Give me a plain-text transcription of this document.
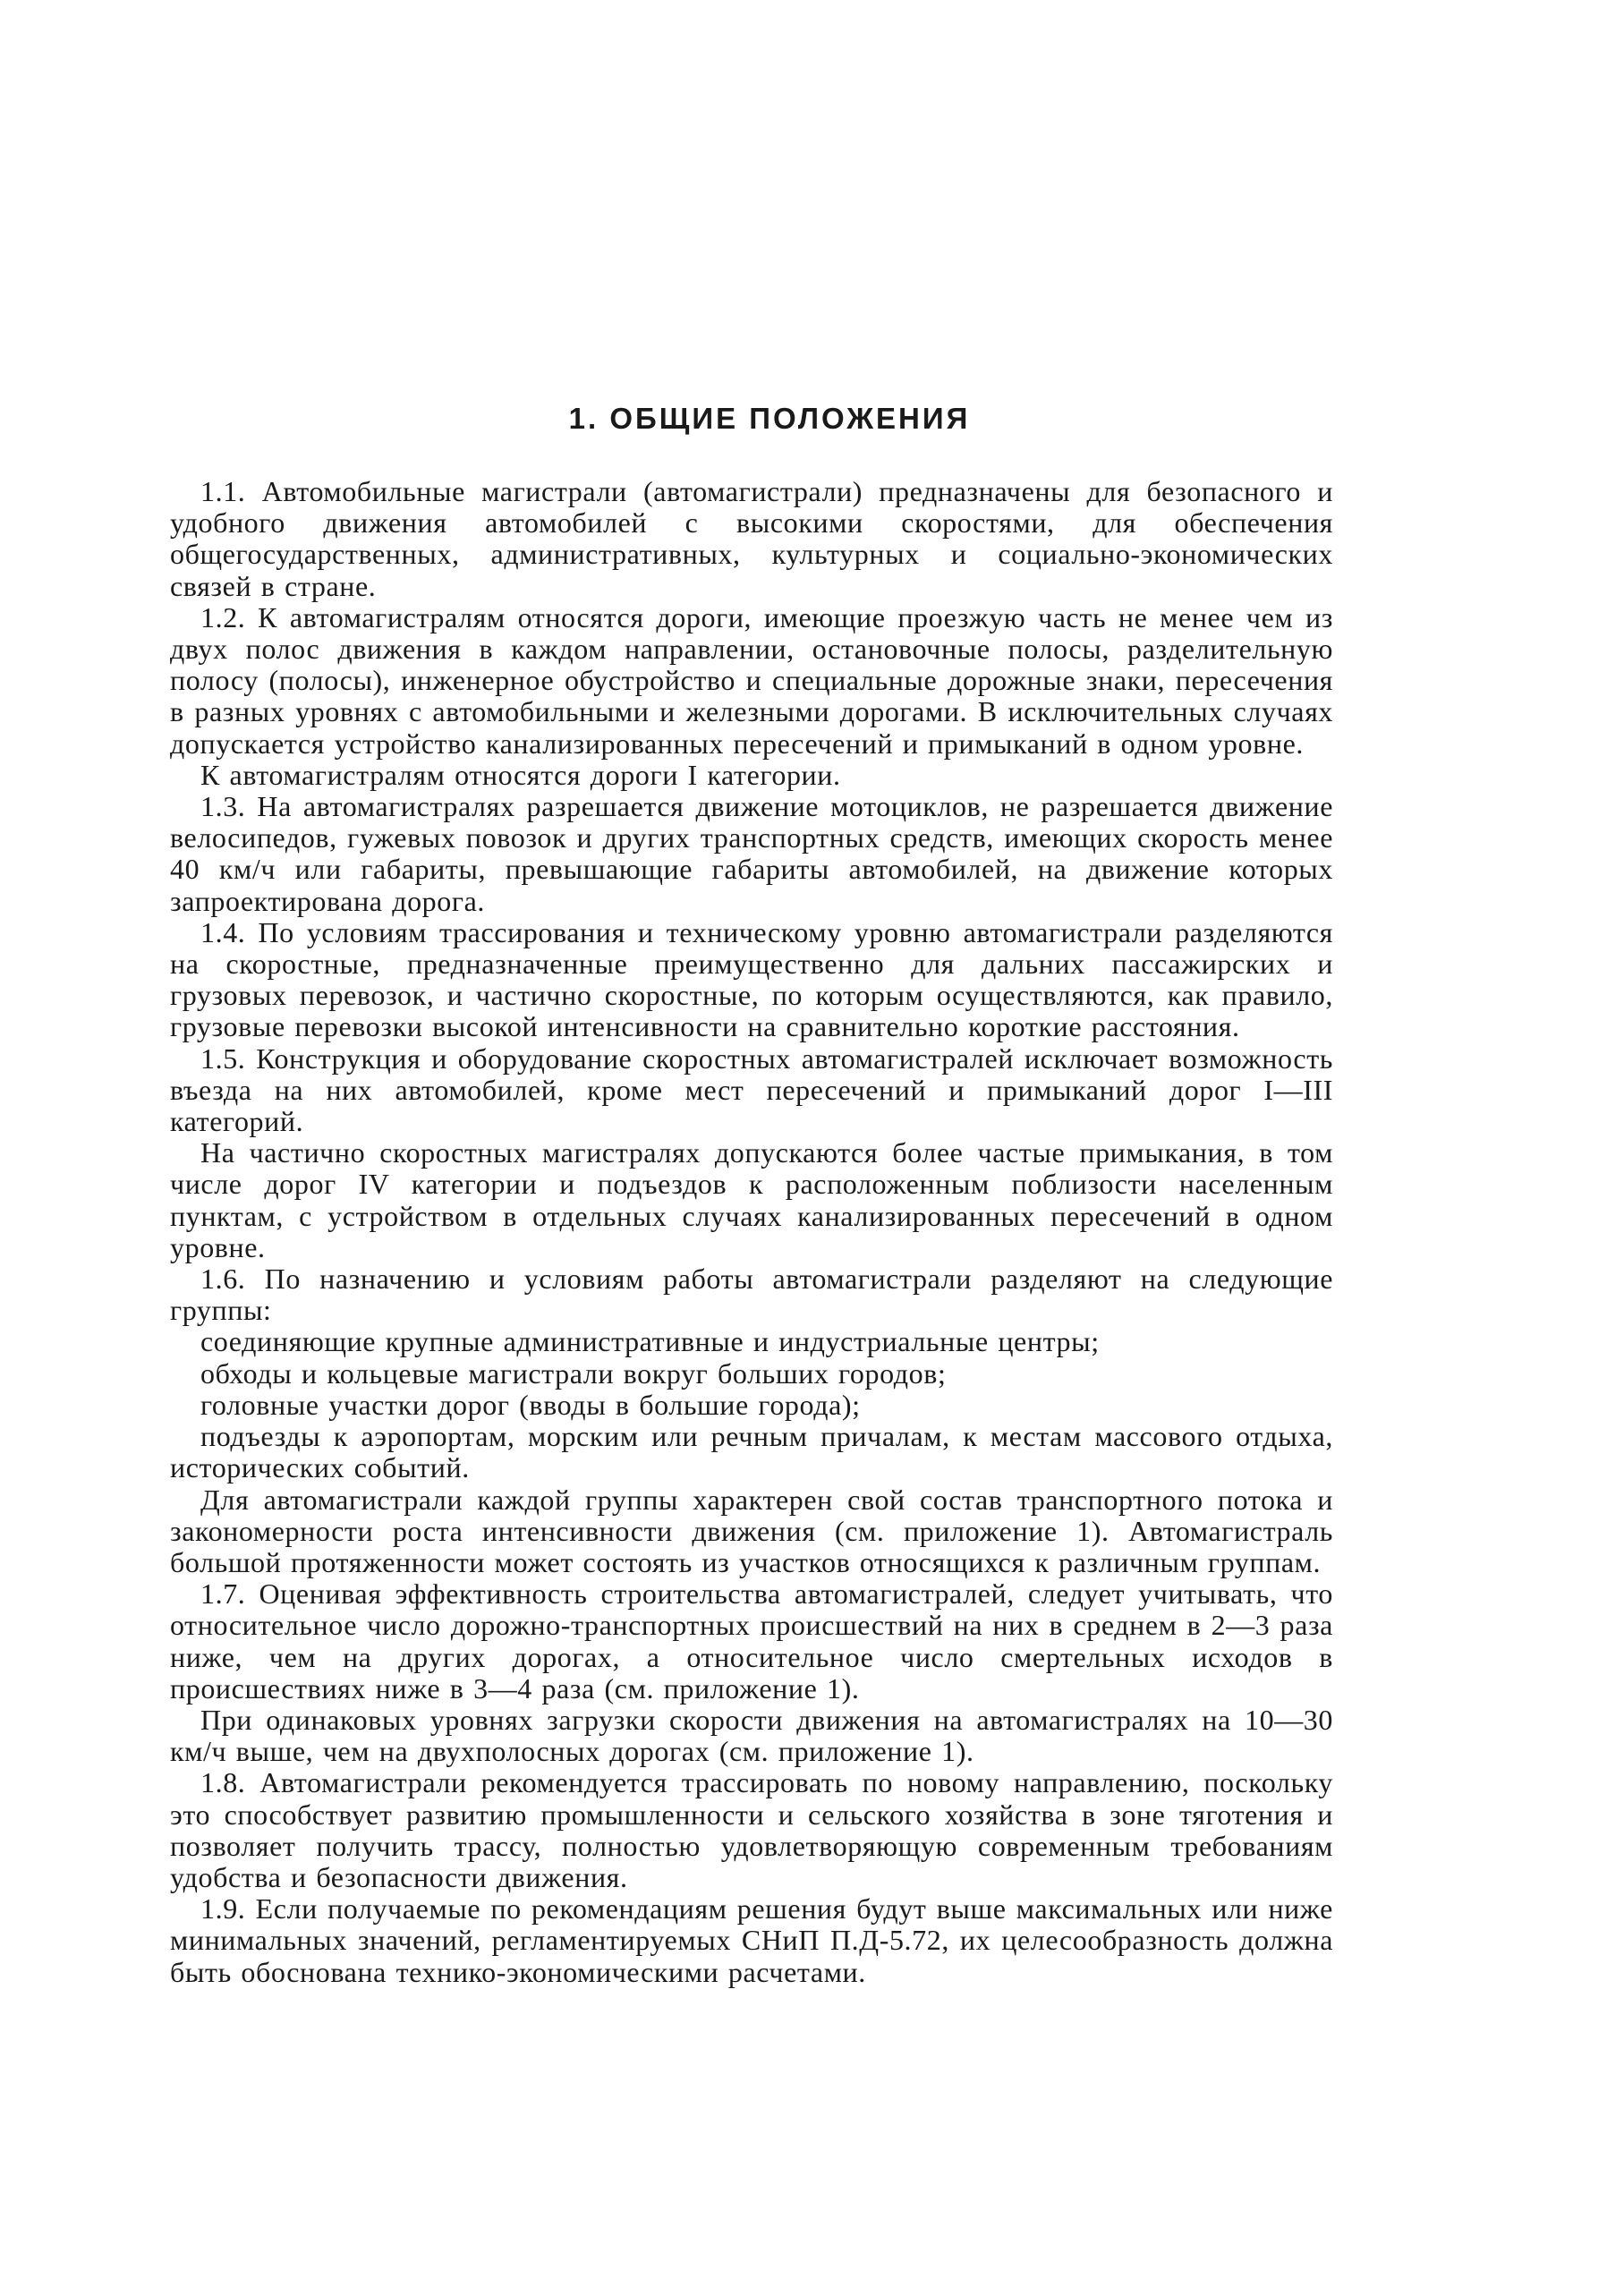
1. ОБЩИЕ ПОЛОЖЕНИЯ

1.1. Автомобильные магистрали (автомагистрали) предназначены для безопасного и удобного движения автомобилей с высокими скоростями, для обеспечения общегосударственных, административных, культурных и социально-экономических связей в стране.

1.2. К автомагистралям относятся дороги, имеющие проезжую часть не менее чем из двух полос движения в каждом направлении, остановочные полосы, разделительную полосу (полосы), инженерное обустройство и специальные дорожные знаки, пересечения в разных уровнях с автомобильными и железными дорогами. В исключительных случаях допускается устройство канализированных пересечений и примыканий в одном уровне.

К автомагистралям относятся дороги I категории.

1.3. На автомагистралях разрешается движение мотоциклов, не разрешается движение велосипедов, гужевых повозок и других транспортных средств, имеющих скорость менее 40 км/ч или габариты, превышающие габариты автомобилей, на движение которых запроектирована дорога.

1.4. По условиям трассирования и техническому уровню автомагистрали разделяются на скоростные, предназначенные преимущественно для дальних пассажирских и грузовых перевозок, и частично скоростные, по которым осуществляются, как правило, грузовые перевозки высокой интенсивности на сравнительно короткие расстояния.

1.5. Конструкция и оборудование скоростных автомагистралей исключает возможность въезда на них автомобилей, кроме мест пересечений и примыканий дорог I—III категорий.

На частично скоростных магистралях допускаются более частые примыкания, в том числе дорог IV категории и подъездов к расположенным поблизости населенным пунктам, с устройством в отдельных случаях канализированных пересечений в одном уровне.

1.6. По назначению и условиям работы автомагистрали разделяют на следующие группы:

соединяющие крупные административные и индустриальные центры;

обходы и кольцевые магистрали вокруг больших городов;

головные участки дорог (вводы в большие города);

подъезды к аэропортам, морским или речным причалам, к местам массового отдыха, исторических событий.

Для автомагистрали каждой группы характерен свой состав транспортного потока и закономерности роста интенсивности движения (см. приложение 1). Автомагистраль большой протяженности может состоять из участков относящихся к различным группам.

1.7. Оценивая эффективность строительства автомагистралей, следует учитывать, что относительное число дорожно-транспортных происшествий на них в среднем в 2—3 раза ниже, чем на других дорогах, а относительное число смертельных исходов в происшествиях ниже в 3—4 раза (см. приложение 1).

При одинаковых уровнях загрузки скорости движения на автомагистралях на 10—30 км/ч выше, чем на двухполосных дорогах (см. приложение 1).

1.8. Автомагистрали рекомендуется трассировать по новому направлению, поскольку это способствует развитию промышленности и сельского хозяйства в зоне тяготения и позволяет получить трассу, полностью удовлетворяющую современным требованиям удобства и безопасности движения.

1.9. Если получаемые по рекомендациям решения будут выше максимальных или ниже минимальных значений, регламентируемых СНиП П.Д-5.72, их целесообразность должна быть обоснована технико-экономическими расчетами.
